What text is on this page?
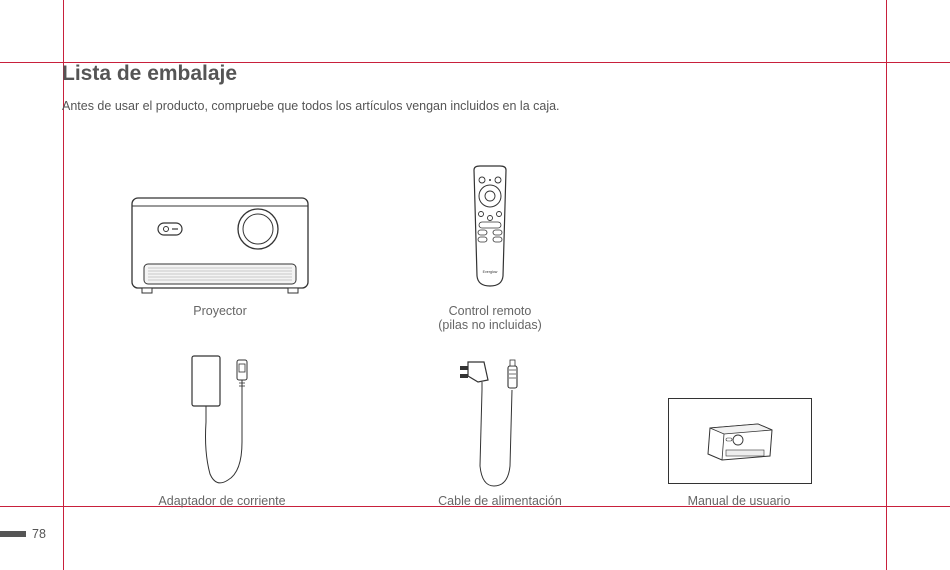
Lista de embalaje
Antes de usar el producto, compruebe que todos los artículos vengan incluidos en la caja.
Proyector
Everglow
Control remoto
(pilas no incluidas)
Adaptador de corriente	Cable de alimentación	Manual de usuario
78
